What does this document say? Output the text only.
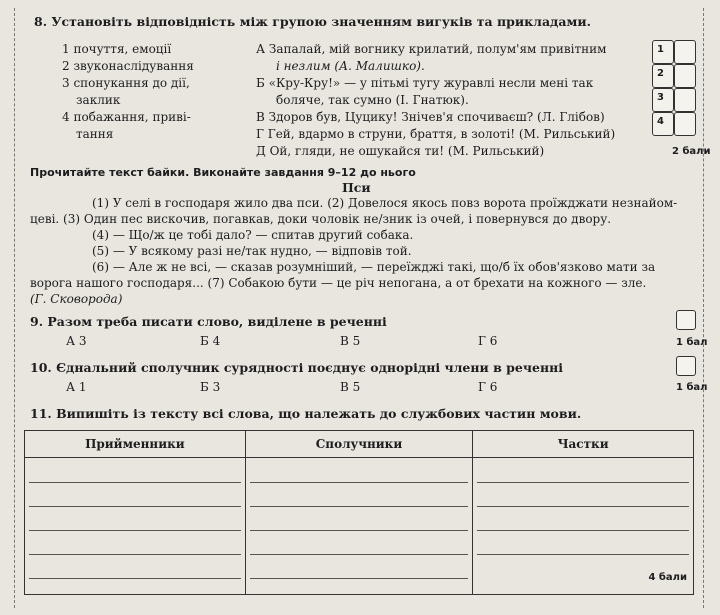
8. Установіть відповідність між групою значенням вигуків та прикладами.
1 почуття, емоції
2 звуконаслідування
3 спонукання до дії,
заклик
4 побажання, приві-
тання
А Запалай, мій вогнику крилатий, полум'ям привітним
і незлим (А. Малишко).
Б «Кру-Кру!» — у пітьмі тугу журавлі несли мені так
боляче, так сумно (І. Гнатюк).
В Здоров був, Цуцику! Знічев'я спочиваєш? (Л. Глібов)
Г Гей, вдармо в струни, браття, в золоті! (М. Рильський)
Д Ой, гляди, не ошукайся ти! (М. Рильський)
1
2
3
4
2 бали
Прочитайте текст байки. Виконайте завдання 9–12 до нього
Пси
(1) У селі в господаря жило два пси. (2) Довелося якось повз ворота проїжджати незнайом-
цеві. (3) Один пес вискочив, погавкав, доки чоловік не/зник із очей, і повернувся до двору.
(4) — Що/ж це тобі дало? — спитав другий собака.
(5) — У всякому разі не/так нудно, — відповів той.
(6) — Але ж не всі, — сказав розумніший, — переїжджі такі, що/б їх обов'язково мати за
ворога нашого господаря... (7) Собакою бути — це річ непогана, а от брехати на кожного — зле.
(Г. Сковорода)
9. Разом треба писати слово, виділене в реченні
А 3	Б 4	В 5	Г 6	1 бал
10. Єднальний сполучник сурядності поєднує однорідні члени в реченні
А 1	Б 3	В 5	Г 6	1 бал
11. Випишіть із тексту всі слова, що належать до службових частин мови.
Прийменники	Сполучники	Частки

		4 бали
